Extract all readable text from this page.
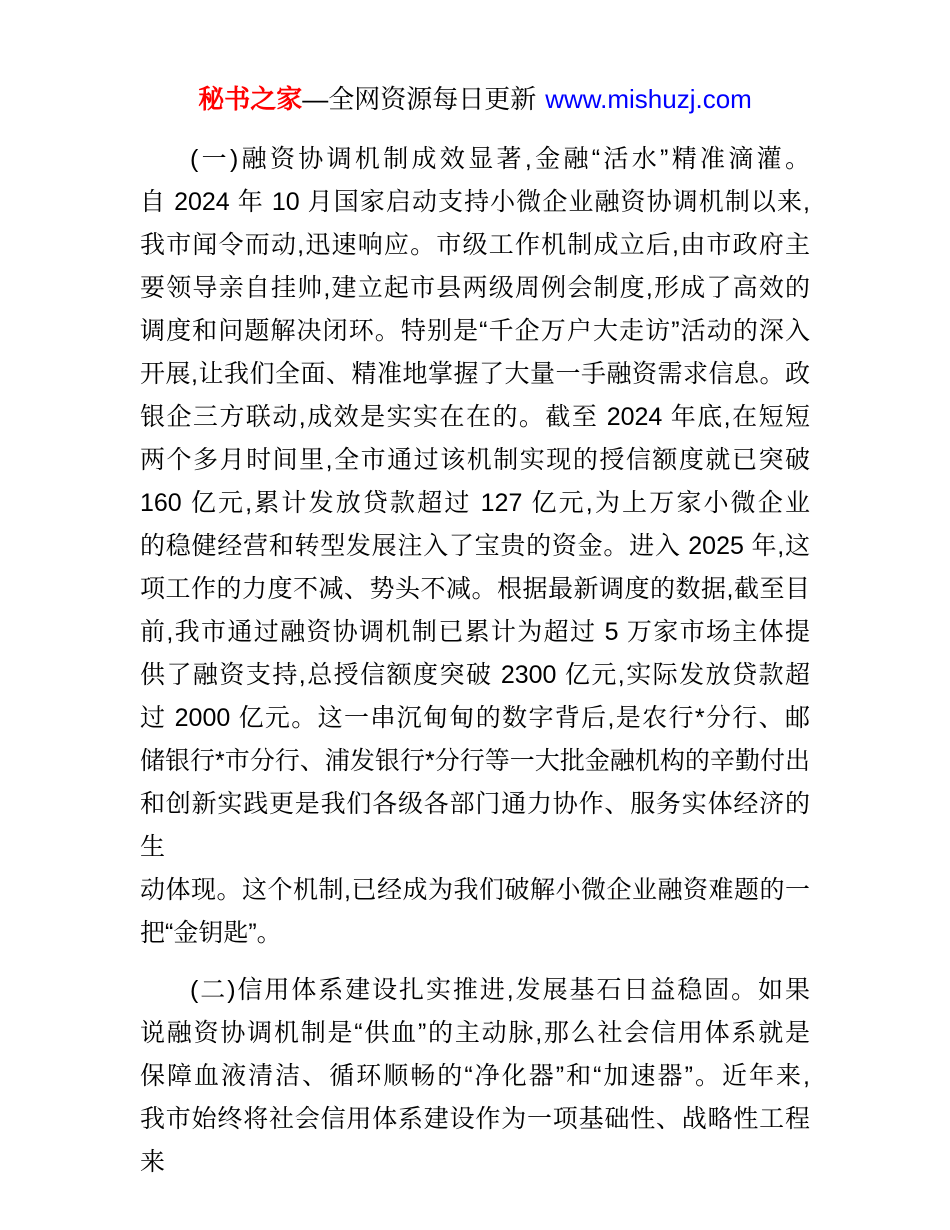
秘书之家—全网资源每日更新 www.mishuzj.com
(一)融资协调机制成效显著,金融“活水”精准滴灌。
自 2024 年 10 月国家启动支持小微企业融资协调机制以来,
我市闻令而动,迅速响应。市级工作机制成立后,由市政府主
要领导亲自挂帅,建立起市县两级周例会制度,形成了高效的
调度和问题解决闭环。特别是“千企万户大走访”活动的深入
开展,让我们全面、精准地掌握了大量一手融资需求信息。政
银企三方联动,成效是实实在在的。截至 2024 年底,在短短
两个多月时间里,全市通过该机制实现的授信额度就已突破
160 亿元,累计发放贷款超过 127 亿元,为上万家小微企业
的稳健经营和转型发展注入了宝贵的资金。进入 2025 年,这
项工作的力度不减、势头不减。根据最新调度的数据,截至目
前,我市通过融资协调机制已累计为超过 5 万家市场主体提
供了融资支持,总授信额度突破 2300 亿元,实际发放贷款超
过 2000 亿元。这一串沉甸甸的数字背后,是农行*分行、邮
储银行*市分行、浦发银行*分行等一大批金融机构的辛勤付出
和创新实践更是我们各级各部门通力协作、服务实体经济的生
动体现。这个机制,已经成为我们破解小微企业融资难题的一
把“金钥匙”。
(二)信用体系建设扎实推进,发展基石日益稳固。如果
说融资协调机制是“供血”的主动脉,那么社会信用体系就是
保障血液清洁、循环顺畅的“净化器”和“加速器”。近年来,
我市始终将社会信用体系建设作为一项基础性、战略性工程来
